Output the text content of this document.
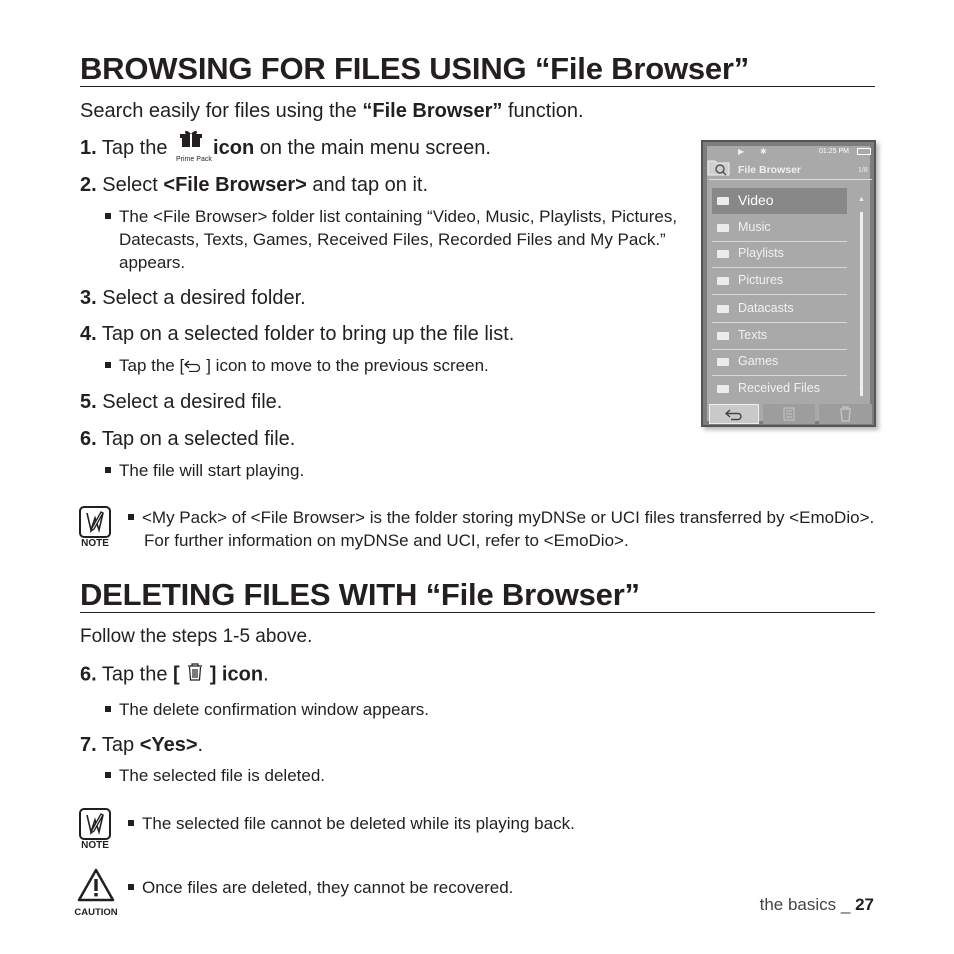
BROWSING FOR FILES USING “File Browser”
Search easily for files using the “File Browser” function.
1. Tap the
Prime Pack
icon on the main menu screen.
2. Select <File Browser> and tap on it.
The <File Browser> folder list containing “Video, Music, Playlists, Pictures, Datecasts, Texts, Games, Received Files, Recorded Files and My Pack.” appears.
3. Select a desired folder.
4. Tap on a selected folder to bring up the file list.
Tap the [ ] icon to move to the previous screen.
5. Select a desired file.
6. Tap on a selected file.
The file will start playing.
NOTE
<My Pack> of <File Browser> is the folder storing myDNSe or UCI files transferred by <EmoDio>. For further information on myDNSe and UCI, refer to <EmoDio>.
▶ ✱	01:25 PM
File Browser	1/8
Video
Music
Playlists
Pictures
Datacasts
Texts
Games
Received Files
▲
▼
DELETING FILES WITH “File Browser”
Follow the steps 1-5 above.
6. Tap the [ ] icon.
The delete confirmation window appears.
7. Tap <Yes>.
The selected file is deleted.
NOTE
The selected file cannot be deleted while its playing back.
CAUTION
Once files are deleted, they cannot be recovered.
the basics _ 27
